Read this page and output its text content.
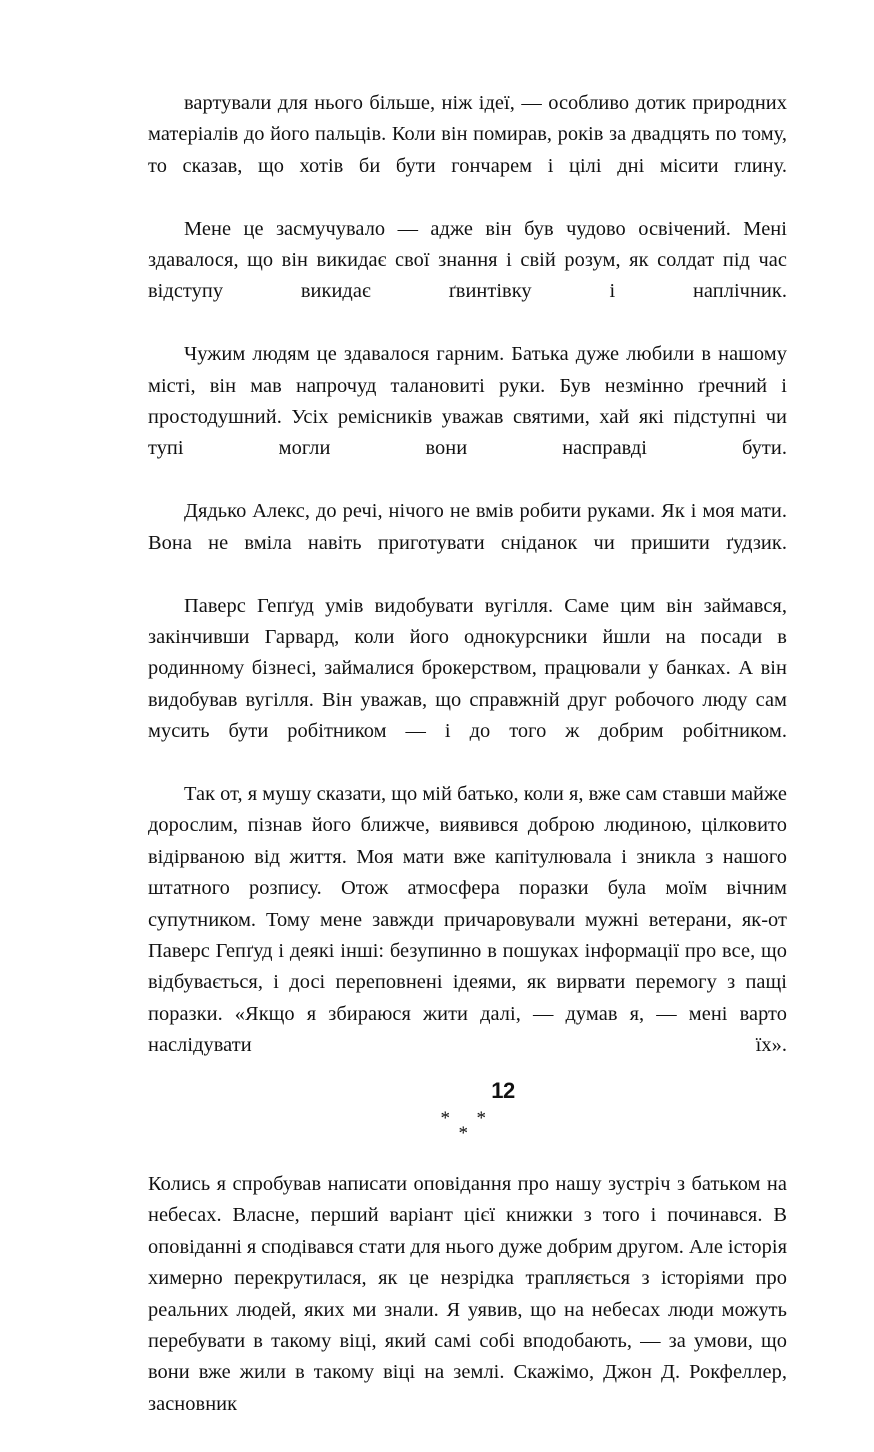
вартували для нього більше, ніж ідеї, — особливо дотик природних матеріалів до його пальців. Коли він помирав, років за двадцять по тому, то сказав, що хотів би бути гончарем і цілі дні місити глину.

Мене це засмучувало — адже він був чудово освічений. Мені здавалося, що він викидає свої знання і свій розум, як солдат під час відступу викидає ґвинтівку і наплічник.

Чужим людям це здавалося гарним. Батька дуже любили в нашому місті, він мав напрочуд талановиті руки. Був незмінно ґречний і простодушний. Усіх ремісників уважав святими, хай які підступні чи тупі могли вони насправді бути.

Дядько Алекс, до речі, нічого не вмів робити руками. Як і моя мати. Вона не вміла навіть приготувати сніданок чи пришити ґудзик.

Паверс Гепґуд умів видобувати вугілля. Саме цим він займався, закінчивши Гарвард, коли його однокурсники йшли на посади в родинному бізнесі, займалися брокерством, працювали у банках. А він видобував вугілля. Він уважав, що справжній друг робочого люду сам мусить бути робітником — і до того ж добрим робітником.

Так от, я мушу сказати, що мій батько, коли я, вже сам ставши майже дорослим, пізнав його ближче, виявився доброю людиною, цілковито відірваною від життя. Моя мати вже капітулювала і зникла з нашого штатного розпису. Отож атмосфера поразки була моїм вічним супутником. Тому мене завжди причаровували мужні ветерани, як-от Паверс Гепґуд і деякі інші: безупинно в пошуках інформації про все, що відбувається, і досі переповнені ідеями, як вирвати перемогу з пащі поразки. «Якщо я збираюся жити далі, — думав я, — мені варто наслідувати їх».

* *
*

Колись я спробував написати оповідання про нашу зустріч з батьком на небесах. Власне, перший варіант цієї книжки з того і починався. В оповіданні я сподівався стати для нього дуже добрим другом. Але історія химерно перекрутилася, як це незрідка трапляється з історіями про реальних людей, яких ми знали. Я уявив, що на небесах люди можуть перебувати в такому віці, який самі собі вподобають, — за умови, що вони вже жили в такому віці на землі. Скажімо, Джон Д. Рокфеллер, засновник

12
